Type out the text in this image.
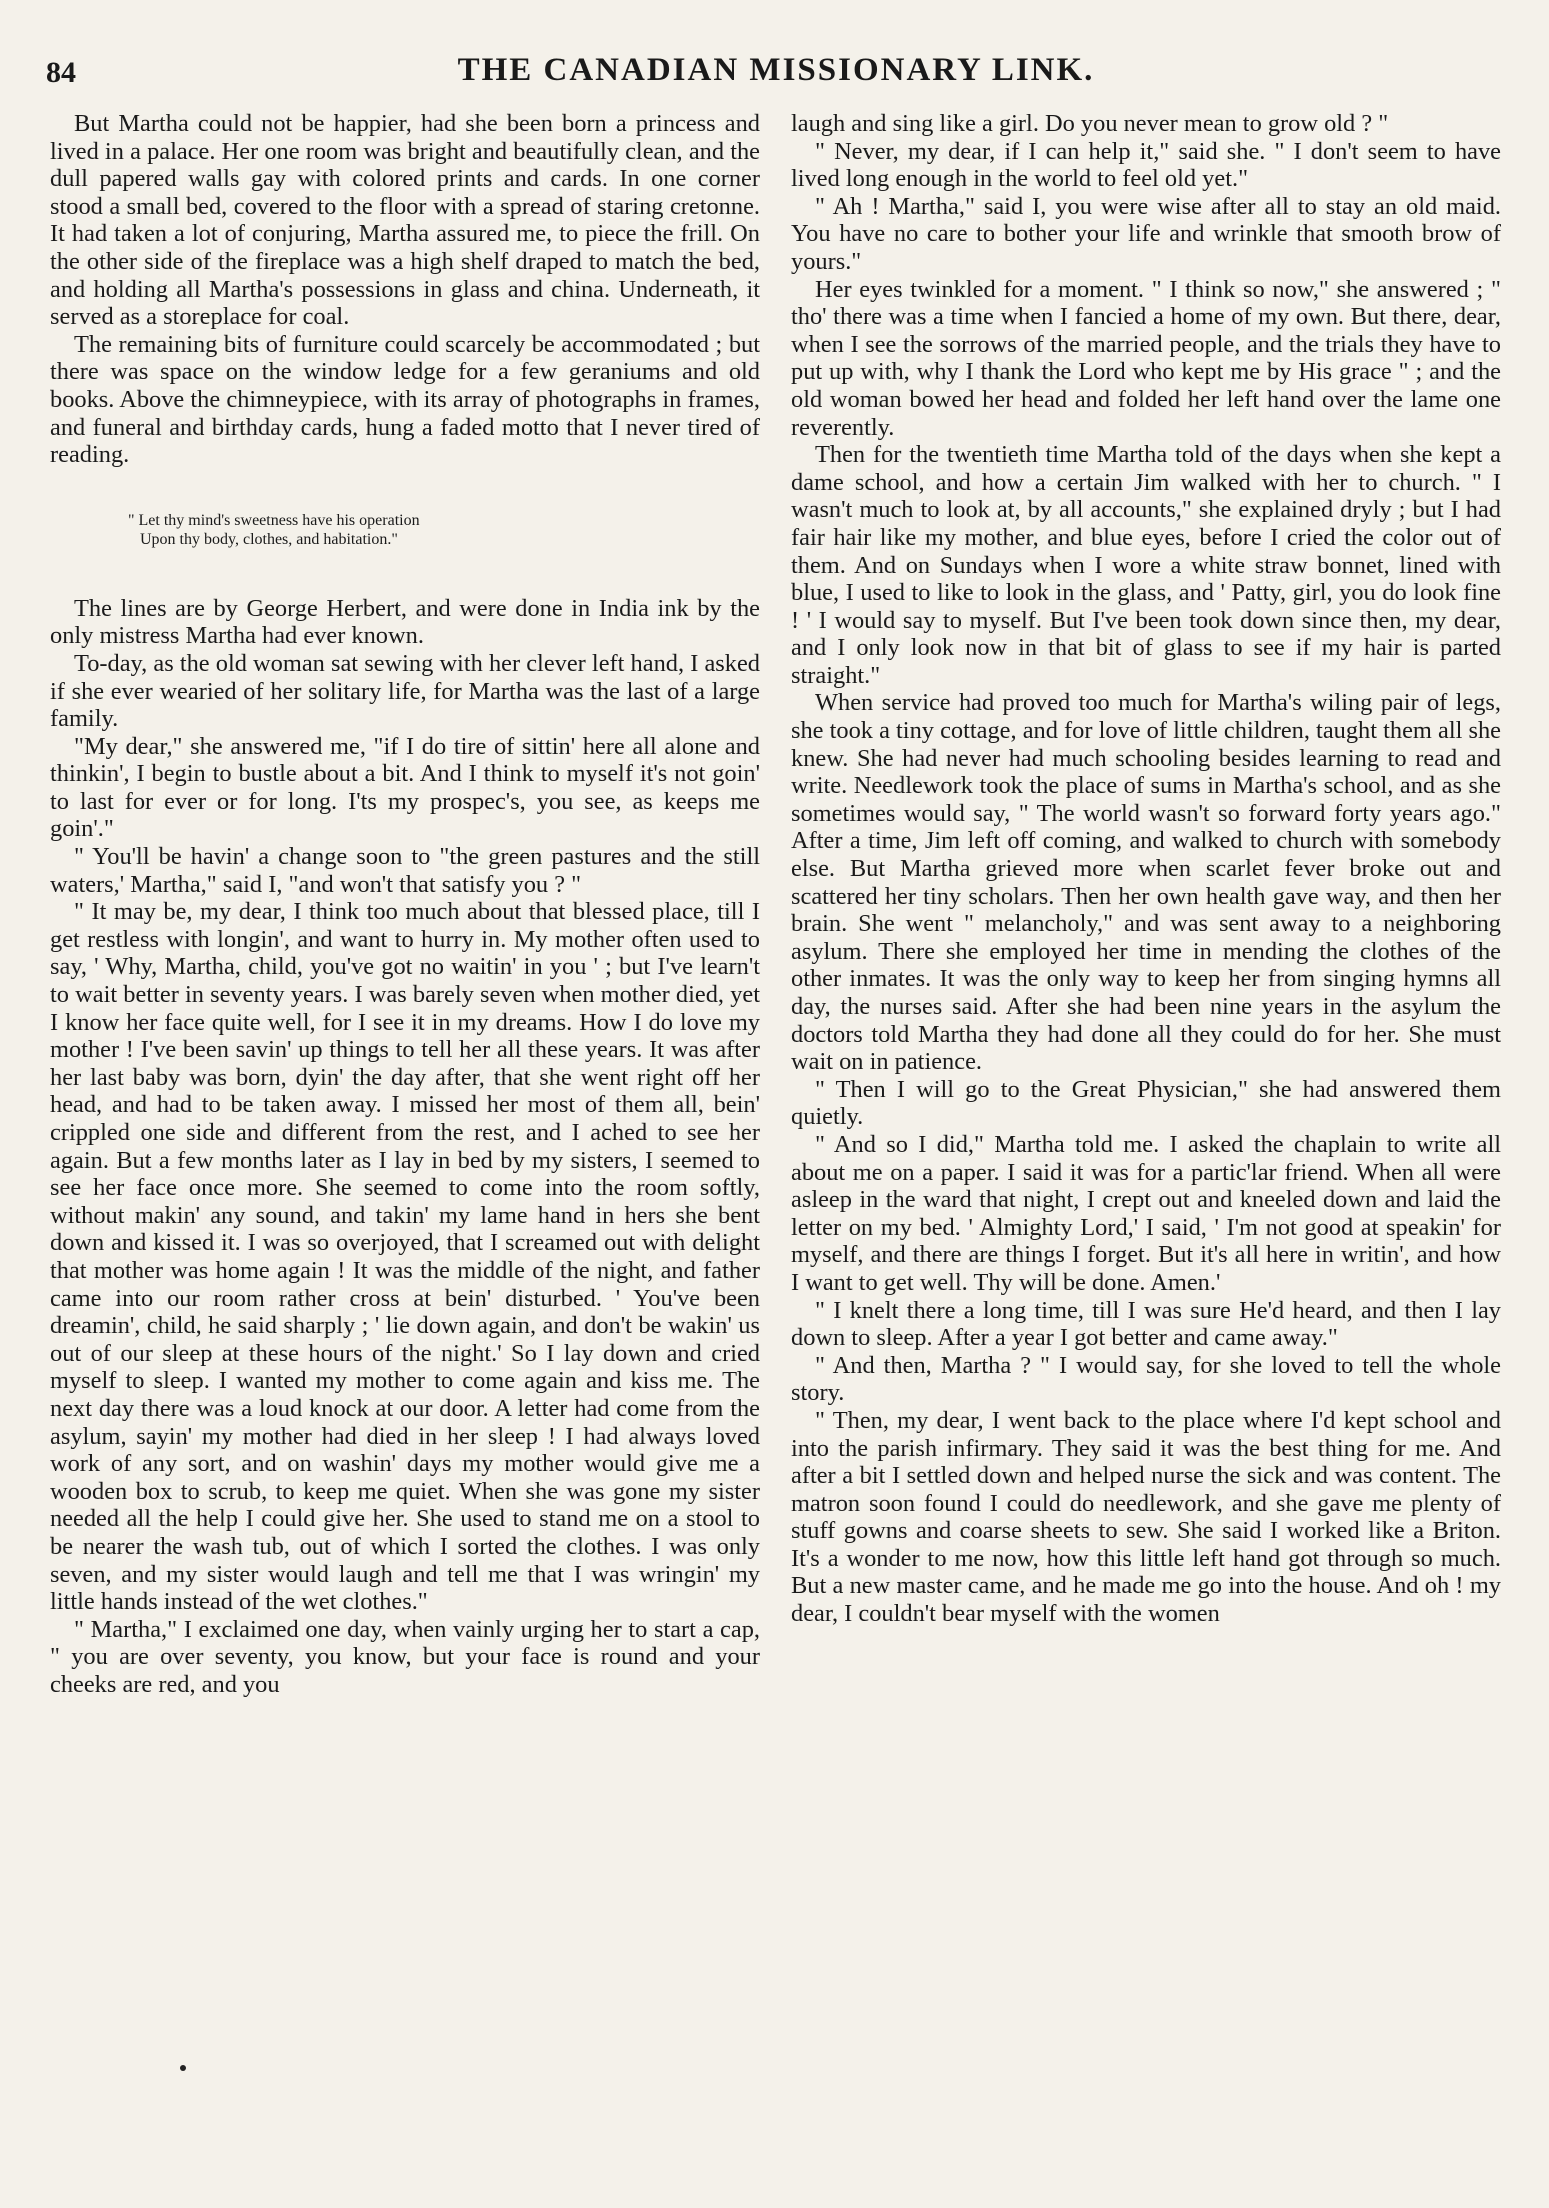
84	THE CANADIAN MISSIONARY LINK.

But Martha could not be happier, had she been born a princess and lived in a palace. Her one room was bright and beautifully clean, and the dull papered walls gay with colored prints and cards. In one corner stood a small bed, covered to the floor with a spread of staring cretonne. It had taken a lot of conjuring, Martha assured me, to piece the frill. On the other side of the fireplace was a high shelf draped to match the bed, and holding all Martha's possessions in glass and china. Underneath, it served as a storeplace for coal.

The remaining bits of furniture could scarcely be accommodated ; but there was space on the window ledge for a few geraniums and old books. Above the chimneypiece, with its array of photographs in frames, and funeral and birthday cards, hung a faded motto that I never tired of reading.

" Let thy mind's sweetness have his operation
Upon thy body, clothes, and habitation."

The lines are by George Herbert, and were done in India ink by the only mistress Martha had ever known.

To-day, as the old woman sat sewing with her clever left hand, I asked if she ever wearied of her solitary life, for Martha was the last of a large family.

"My dear," she answered me, "if I do tire of sittin' here all alone and thinkin', I begin to bustle about a bit. And I think to myself it's not goin' to last for ever or for long. I'ts my prospec's, you see, as keeps me goin'."

" You'll be havin' a change soon to "the green pastures and the still waters,' Martha," said I, "and won't that satisfy you ? "

" It may be, my dear, I think too much about that blessed place, till I get restless with longin', and want to hurry in. My mother often used to say, ' Why, Martha, child, you've got no waitin' in you ' ; but I've learn't to wait better in seventy years. I was barely seven when mother died, yet I know her face quite well, for I see it in my dreams. How I do love my mother ! I've been savin' up things to tell her all these years. It was after her last baby was born, dyin' the day after, that she went right off her head, and had to be taken away. I missed her most of them all, bein' crippled one side and different from the rest, and I ached to see her again. But a few months later as I lay in bed by my sisters, I seemed to see her face once more. She seemed to come into the room softly, without makin' any sound, and takin' my lame hand in hers she bent down and kissed it. I was so overjoyed, that I screamed out with delight that mother was home again ! It was the middle of the night, and father came into our room rather cross at bein' disturbed. ' You've been dreamin', child, he said sharply ; ' lie down again, and don't be wakin' us out of our sleep at these hours of the night.' So I lay down and cried myself to sleep. I wanted my mother to come again and kiss me. The next day there was a loud knock at our door. A letter had come from the asylum, sayin' my mother had died in her sleep ! I had always loved work of any sort, and on washin' days my mother would give me a wooden box to scrub, to keep me quiet. When she was gone my sister needed all the help I could give her. She used to stand me on a stool to be nearer the wash tub, out of which I sorted the clothes. I was only seven, and my sister would laugh and tell me that I was wringin' my little hands instead of the wet clothes."

" Martha," I exclaimed one day, when vainly urging her to start a cap, " you are over seventy, you know, but your face is round and your cheeks are red, and you

laugh and sing like a girl. Do you never mean to grow old ? "

" Never, my dear, if I can help it," said she. " I don't seem to have lived long enough in the world to feel old yet."

" Ah ! Martha," said I, you were wise after all to stay an old maid. You have no care to bother your life and wrinkle that smooth brow of yours."

Her eyes twinkled for a moment. " I think so now," she answered ; " tho' there was a time when I fancied a home of my own. But there, dear, when I see the sorrows of the married people, and the trials they have to put up with, why I thank the Lord who kept me by His grace " ; and the old woman bowed her head and folded her left hand over the lame one reverently.

Then for the twentieth time Martha told of the days when she kept a dame school, and how a certain Jim walked with her to church. " I wasn't much to look at, by all accounts," she explained dryly ; but I had fair hair like my mother, and blue eyes, before I cried the color out of them. And on Sundays when I wore a white straw bonnet, lined with blue, I used to like to look in the glass, and ' Patty, girl, you do look fine ! ' I would say to myself. But I've been took down since then, my dear, and I only look now in that bit of glass to see if my hair is parted straight."

When service had proved too much for Martha's wiling pair of legs, she took a tiny cottage, and for love of little children, taught them all she knew. She had never had much schooling besides learning to read and write. Needlework took the place of sums in Martha's school, and as she sometimes would say, " The world wasn't so forward forty years ago." After a time, Jim left off coming, and walked to church with somebody else. But Martha grieved more when scarlet fever broke out and scattered her tiny scholars. Then her own health gave way, and then her brain. She went " melancholy," and was sent away to a neighboring asylum. There she employed her time in mending the clothes of the other inmates. It was the only way to keep her from singing hymns all day, the nurses said. After she had been nine years in the asylum the doctors told Martha they had done all they could do for her. She must wait on in patience.

" Then I will go to the Great Physician," she had answered them quietly.

" And so I did," Martha told me. I asked the chaplain to write all about me on a paper. I said it was for a partic'lar friend. When all were asleep in the ward that night, I crept out and kneeled down and laid the letter on my bed. ' Almighty Lord,' I said, ' I'm not good at speakin' for myself, and there are things I forget. But it's all here in writin', and how I want to get well. Thy will be done. Amen.'

" I knelt there a long time, till I was sure He'd heard, and then I lay down to sleep. After a year I got better and came away."

" And then, Martha ? " I would say, for she loved to tell the whole story.

" Then, my dear, I went back to the place where I'd kept school and into the parish infirmary. They said it was the best thing for me. And after a bit I settled down and helped nurse the sick and was content. The matron soon found I could do needlework, and she gave me plenty of stuff gowns and coarse sheets to sew. She said I worked like a Briton. It's a wonder to me now, how this little left hand got through so much. But a new master came, and he made me go into the house. And oh ! my dear, I couldn't bear myself with the women
